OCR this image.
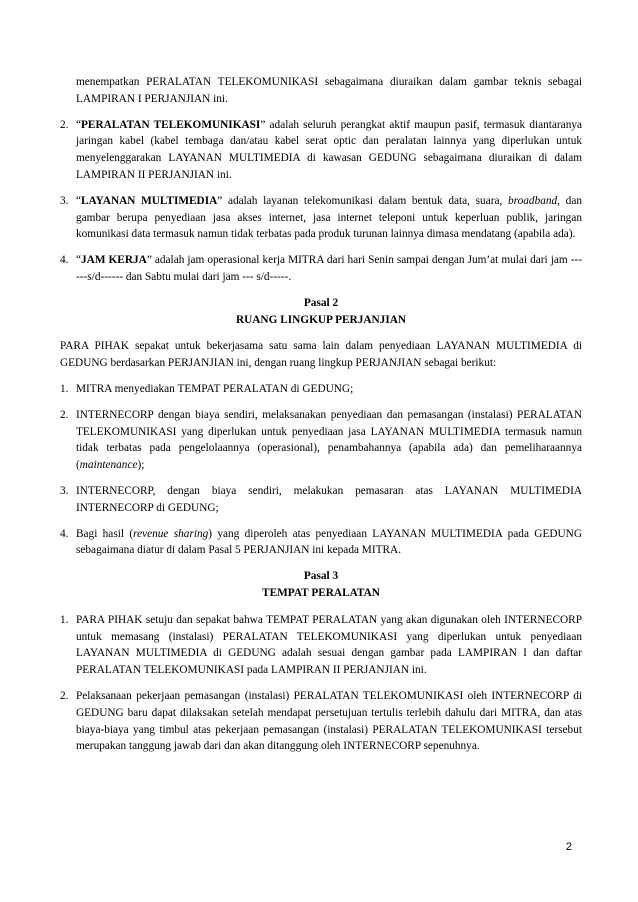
menempatkan PERALATAN TELEKOMUNIKASI sebagaimana diuraikan dalam gambar teknis sebagai LAMPIRAN I PERJANJIAN ini.
2. “PERALATAN TELEKOMUNIKASI” adalah seluruh perangkat aktif maupun pasif, termasuk diantaranya jaringan kabel (kabel tembaga dan/atau kabel serat optic dan peralatan lainnya yang diperlukan untuk menyelenggarakan LAYANAN MULTIMEDIA di kawasan GEDUNG sebagaimana diuraikan di dalam LAMPIRAN II PERJANJIAN ini.
3. “LAYANAN MULTIMEDIA” adalah layanan telekomunikasi dalam bentuk data, suara, broadband, dan gambar berupa penyediaan jasa akses internet, jasa internet teleponi untuk keperluan publik, jaringan komunikasi data termasuk namun tidak terbatas pada produk turunan lainnya dimasa mendatang (apabila ada).
4. “JAM KERJA” adalah jam operasional kerja MITRA dari hari Senin sampai dengan Jum’at mulai dari jam ------s/d------ dan Sabtu mulai dari jam --- s/d-----.
Pasal 2
RUANG LINGKUP PERJANJIAN
PARA PIHAK sepakat untuk bekerjasama satu sama lain dalam penyediaan LAYANAN MULTIMEDIA di GEDUNG berdasarkan PERJANJIAN ini, dengan ruang lingkup PERJANJIAN sebagai berikut:
1. MITRA menyediakan TEMPAT PERALATAN di GEDUNG;
2. INTERNECORP dengan biaya sendiri, melaksanakan penyediaan dan pemasangan (instalasi) PERALATAN TELEKOMUNIKASI yang diperlukan untuk penyediaan jasa LAYANAN MULTIMEDIA termasuk namun tidak terbatas pada pengelolaannya (operasional), penambahannya (apabila ada) dan pemeliharaannya (maintenance);
3. INTERNECORP, dengan biaya sendiri, melakukan pemasaran atas LAYANAN MULTIMEDIA INTERNECORP di GEDUNG;
4. Bagi hasil (revenue sharing) yang diperoleh atas penyediaan LAYANAN MULTIMEDIA pada GEDUNG sebagaimana diatur di dalam Pasal 5 PERJANJIAN ini kepada MITRA.
Pasal 3
TEMPAT PERALATAN
1. PARA PIHAK setuju dan sepakat bahwa TEMPAT PERALATAN yang akan digunakan oleh INTERNECORP untuk memasang (instalasi) PERALATAN TELEKOMUNIKASI yang diperlukan untuk penyediaan LAYANAN MULTIMEDIA di GEDUNG adalah sesuai dengan gambar pada LAMPIRAN I dan daftar PERALATAN TELEKOMUNIKASI pada LAMPIRAN II PERJANJIAN ini.
2. Pelaksanaan pekerjaan pemasangan (instalasi) PERALATAN TELEKOMUNIKASI oleh INTERNECORP di GEDUNG baru dapat dilaksakan setelah mendapat persetujuan tertulis terlebih dahulu dari MITRA, dan atas biaya-biaya yang timbul atas pekerjaan pemasangan (instalasi) PERALATAN TELEKOMUNIKASI tersebut merupakan tanggung jawab dari dan akan ditanggung oleh INTERNECORP sepenuhnya.
2
